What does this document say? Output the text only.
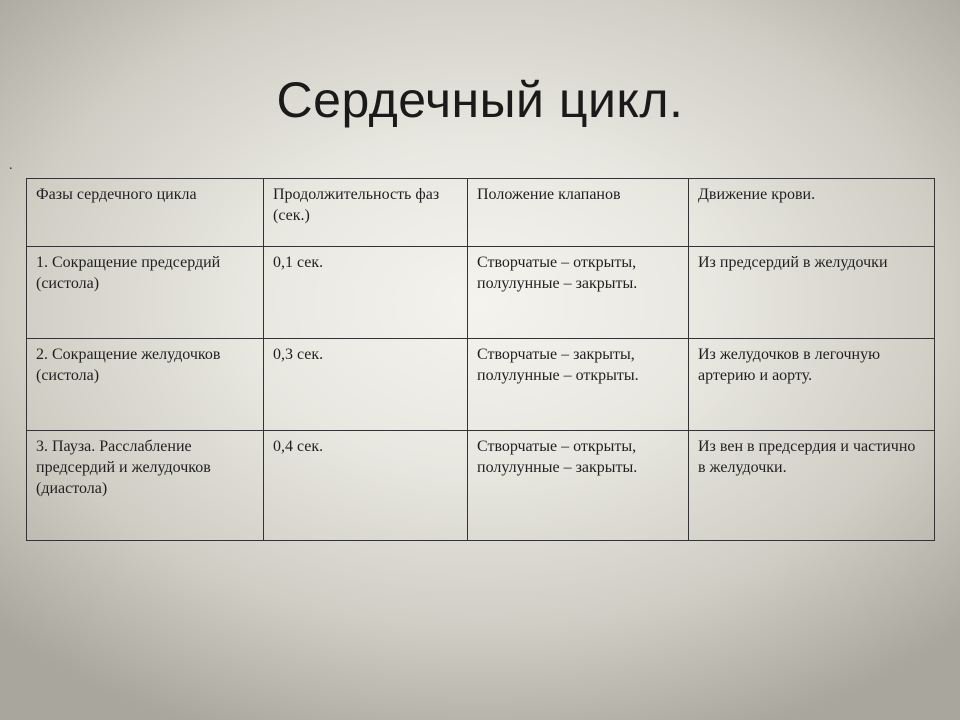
Сердечный цикл.
.
Фазы сердечного цикла	Продолжительность фаз (сек.)	Положение клапанов	Движение крови.

1. Сокращение предсердий (систола)	0,1 сек.	Створчатые – открыты, полулунные – закрыты.	Из предсердий в желудочки

2. Сокращение желудочков (систола)	0,3 сек.	Створчатые – закрыты, полулунные – открыты.	Из желудочков в легочную артерию и аорту.

3. Пауза. Расслабление предсердий и желудочков (диастола)	0,4 сек.	Створчатые – открыты, полулунные – закрыты.	Из вен в предсердия и частично в желудочки.
